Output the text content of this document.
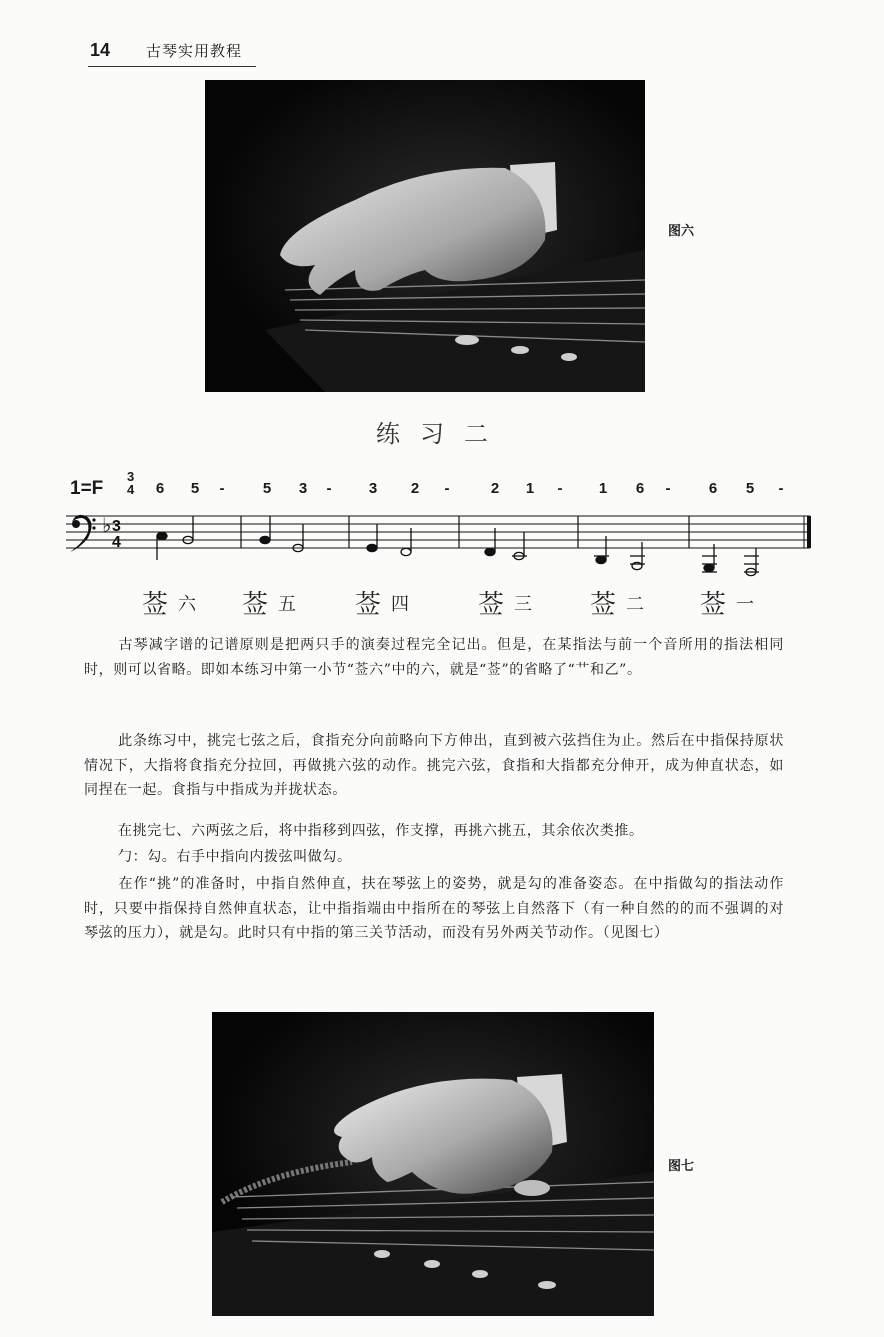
14 古琴实用教程
图六
练习二
1=F
3
4 6 5	-	5 3	-	3 2	-	2 1	-	1 6	-	6 5	-
♭ 3
4
莶 六 莶 五 莶 四	莶 三 莶 二 莶 一

古琴减字谱的记谱原则是把两只手的演奏过程完全记出。但是，在某指法与前一个音所用的指法相同时，则可以省略。即如本练习中第一小节“莶六”中的六，就是“莶”的省略了“艹和乙”。

此条练习中，挑完七弦之后，食指充分向前略向下方伸出，直到被六弦挡住为止。然后在中指保持原状情况下，大指将食指充分拉回，再做挑六弦的动作。挑完六弦，食指和大指都充分伸开，成为伸直状态，如同捏在一起。食指与中指成为并拢状态。

在挑完七、六两弦之后，将中指移到四弦，作支撑，再挑六挑五，其余依次类推。

勹：勾。右手中指向内拨弦叫做勾。

在作“挑”的准备时，中指自然伸直，扶在琴弦上的姿势，就是勾的准备姿态。在中指做勾的指法动作时，只要中指保持自然伸直状态，让中指指端由中指所在的琴弦上自然落下（有一种自然的的而不强调的对琴弦的压力），就是勾。此时只有中指的第三关节活动，而没有另外两关节动作。（见图七）

图七
